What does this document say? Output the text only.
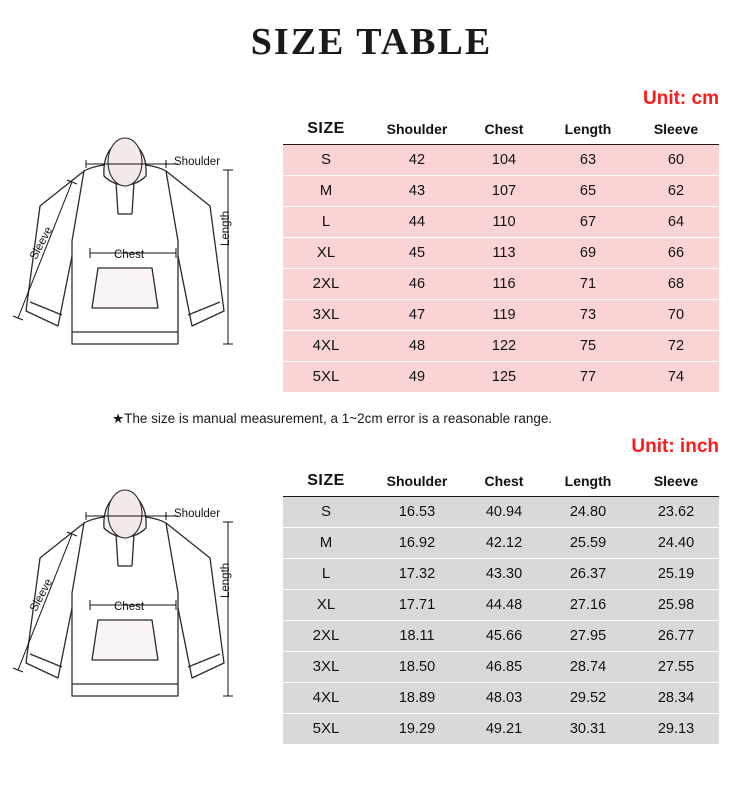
SIZE TABLE
Unit: cm
Unit: inch
Shoulder
Chest
Length
Sleeve
SIZE	Shoulder	Chest	Length	Sleeve
S	42	104	63	60
M	43	107	65	62
L	44	110	67	64
XL	45	113	69	66
2XL	46	116	71	68
3XL	47	119	73	70
4XL	48	122	75	72
5XL	49	125	77	74
★The size is manual measurement, a 1~2cm error is a reasonable range.
Shoulder
Chest
Length
Sleeve
SIZE	Shoulder	Chest	Length	Sleeve
S	16.53	40.94	24.80	23.62
M	16.92	42.12	25.59	24.40
L	17.32	43.30	26.37	25.19
XL	17.71	44.48	27.16	25.98
2XL	18.11	45.66	27.95	26.77
3XL	18.50	46.85	28.74	27.55
4XL	18.89	48.03	29.52	28.34
5XL	19.29	49.21	30.31	29.13
